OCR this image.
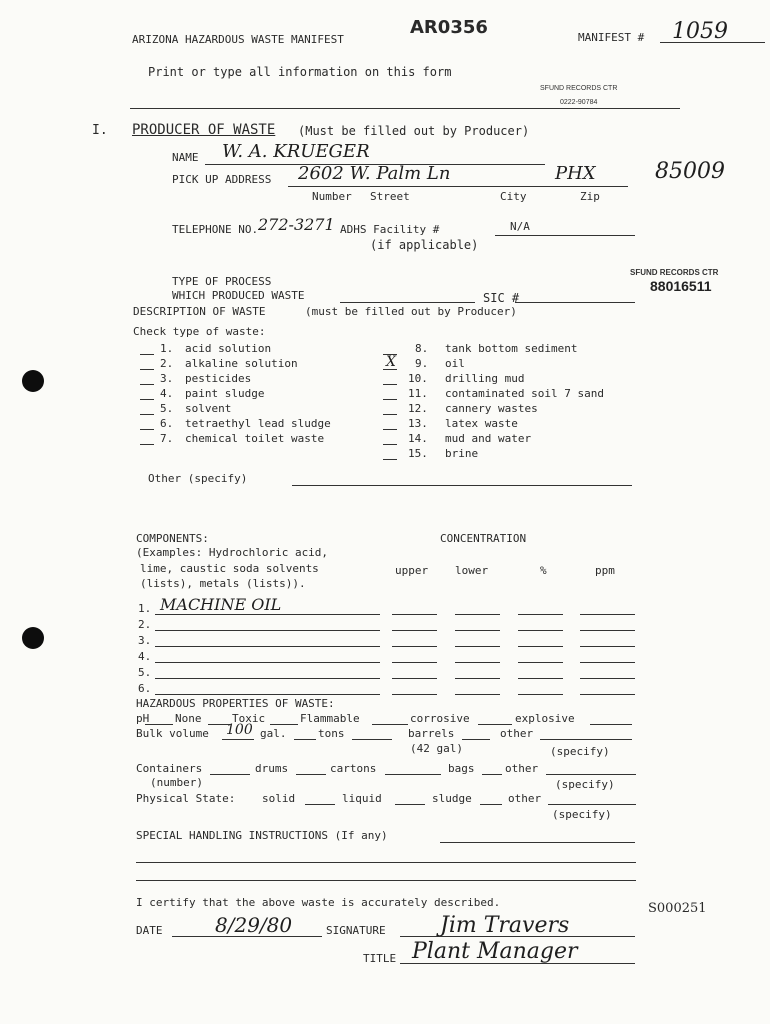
ARIZONA HAZARDOUS WASTE MANIFEST
AR0356	MANIFEST # 1059
Print or type all information on this form
SFUND RECORDS CTR
0222-90784
I. PRODUCER OF WASTE (Must be filled out by Producer)
NAME W. A. KRUEGER
PICK UP ADDRESS 2602 W. Palm Ln	PHX	85009
Number Street	City	Zip
TELEPHONE NO. 272-3271 ADHS Facility #	N/A
(if applicable)
SFUND RECORDS CTR
88016511
TYPE OF PROCESS
WHICH PRODUCED WASTE	SIC #
DESCRIPTION OF WASTE	(must be filled out by Producer)
Check type of waste:
1. acid solution
2. alkaline solution
3. pesticides
4. paint sludge
5. solvent
6. tetraethyl lead sludge
7. chemical toilet waste
8. tank bottom sediment
X 9. oil
10. drilling mud
11. contaminated soil 7 sand
12. cannery wastes
13. latex waste
14. mud and water
15. brine
Other (specify)
COMPONENTS:	CONCENTRATION
(Examples: Hydrochloric acid,
lime, caustic soda solvents
(lists), metals (lists)).
upper lower	%	ppm
1. MACHINE OIL
2.
3.
4.
5.
6.
HAZARDOUS PROPERTIES OF WASTE:
pH None	Toxic	Flammable	corrosive	explosive
Bulk volume 100 gal.	tons	barrels	other
(42 gal)	(specify)
Containers	drums	cartons	bags	other
(number)	(specify)
Physical State: solid	liquid	sludge	other
(specify)
SPECIAL HANDLING INSTRUCTIONS (If any)
I certify that the above waste is accurately described.
DATE	8/29/80	SIGNATURE Jim Travers
TITLE Plant Manager
S000251
